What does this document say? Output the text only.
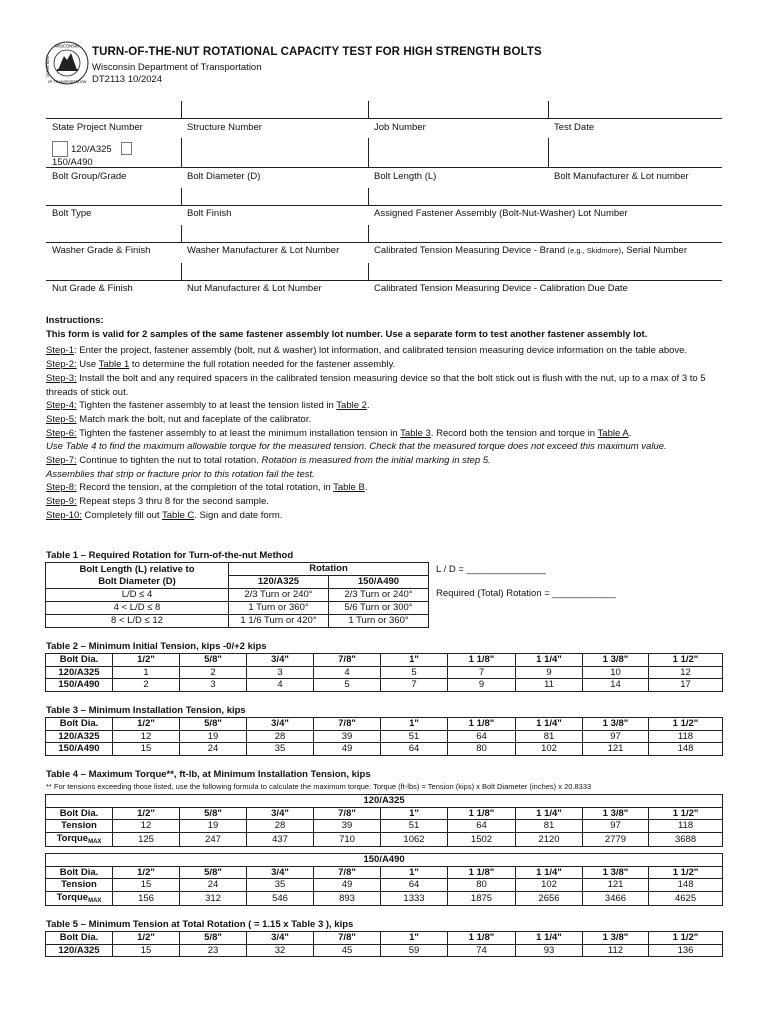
WISCONSIN
OF TRANSPORTATION
DEPARTMENT
TURN-OF-THE-NUT ROTATIONAL CAPACITY TEST FOR HIGH STRENGTH BOLTS
Wisconsin Department of Transportation
DT2113 10/2024
State Project Number	Structure Number	Job Number	Test Date
120/A325
150/A490
Bolt Group/Grade	Bolt Diameter (D)	Bolt Length (L)	Bolt Manufacturer & Lot number
Bolt Type	Bolt Finish	Assigned Fastener Assembly (Bolt-Nut-Washer) Lot Number
Washer Grade & Finish	Washer Manufacturer & Lot Number	Calibrated Tension Measuring Device - Brand (e.g., Skidmore), Serial Number
Nut Grade & Finish	Nut Manufacturer & Lot Number	Calibrated Tension Measuring Device - Calibration Due Date

Instructions:

This form is valid for 2 samples of the same fastener assembly lot number. Use a separate form to test another fastener assembly lot.

Step-1: Enter the project, fastener assembly (bolt, nut & washer) lot information, and calibrated tension measuring device information on the table above.

Step-2: Use Table 1 to determine the full rotation needed for the fastener assembly.

Step-3: Install the bolt and any required spacers in the calibrated tension measuring device so that the bolt stick out is flush with the nut, up to a max of 3 to 5 threads of stick out.

Step-4: Tighten the fastener assembly to at least the tension listed in Table 2.

Step-5: Match mark the bolt, nut and faceplate of the calibrator.

Step-6: Tighten the fastener assembly to at least the minimum installation tension in Table 3. Record both the tension and torque in Table A.

Use Table 4 to find the maximum allowable torque for the measured tension. Check that the measured torque does not exceed this maximum value.

Step-7: Continue to tighten the nut to total rotation. Rotation is measured from the initial marking in step 5.

Assemblies that strip or fracture prior to this rotation fail the test.

Step-8: Record the tension, at the completion of the total rotation, in Table B.

Step-9: Repeat steps 3 thru 8 for the second sample.

Step-10: Completely fill out Table C. Sign and date form.

Table 1 – Required Rotation for Turn-of-the-nut Method
Bolt Length (L) relative to
Bolt Diameter (D)	Rotation	
	120/A325	150/A490
L/D ≤ 4	2/3 Turn or 240°	2/3 Turn or 240°
4 < L/D ≤ 8	1 Turn or 360°	5/6 Turn or 300°
8 < L/D ≤ 12	1 1/6 Turn or 420°	1 Turn or 360°
L / D = _______________
Required (Total) Rotation = ____________
Table 2 – Minimum Initial Tension, kips -0/+2 kips
Bolt Dia.	1/2"	5/8"	3/4"	7/8"	1"	1 1/8"	1 1/4"	1 3/8"	1 1/2"
120/A325	1	2	3	4	5	7	9	10	12
150/A490	2	3	4	5	7	9	11	14	17
Table 3 – Minimum Installation Tension, kips
Bolt Dia.	1/2"	5/8"	3/4"	7/8"	1"	1 1/8"	1 1/4"	1 3/8"	1 1/2"
120/A325	12	19	28	39	51	64	81	97	118
150/A490	15	24	35	49	64	80	102	121	148
Table 4 – Maximum Torque**, ft-lb, at Minimum Installation Tension, kips
** For tensions exceeding those listed, use the following formula to calculate the maximum torque: Torque (ft-lbs) = Tension (kips) x Bolt Diameter (inches) x 20.8333
120/A325									
Bolt Dia.	1/2"	5/8"	3/4"	7/8"	1"	1 1/8"	1 1/4"	1 3/8"	1 1/2"
Tension	12	19	28	39	51	64	81	97	118
Torque$_{MAX}$	125	247	437	710	1062	1502	2120	2779	3688
150/A490									
Bolt Dia.	1/2"	5/8"	3/4"	7/8"	1"	1 1/8"	1 1/4"	1 3/8"	1 1/2"
Tension	15	24	35	49	64	80	102	121	148
Torque$_{MAX}$	156	312	546	893	1333	1875	2656	3466	4625
Table 5 – Minimum Tension at Total Rotation ( = 1.15 x Table 3 ), kips
Bolt Dia.	1/2"	5/8"	3/4"	7/8"	1"	1 1/8"	1 1/4"	1 3/8"	1 1/2"
120/A325	15	23	32	45	59	74	93	112	136
